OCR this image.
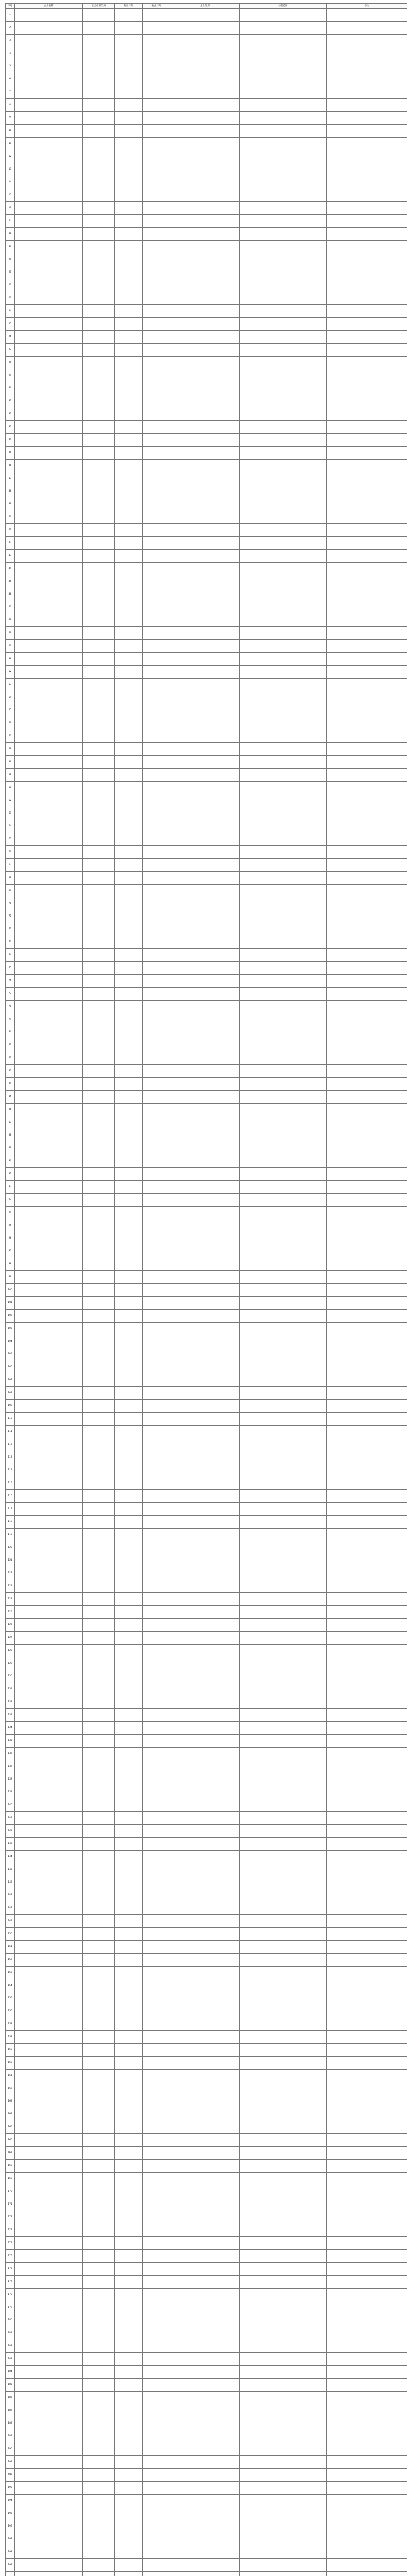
序号	企业名称	社会信用代码	起始日期	截止日期	企业住所	经营范围	备注
1							
2							
3							
4							
5							
6							
7							
8							
9							
10							
11							
12							
13							
14							
15							
16							
17							
18							
19							
20							
21							
22							
23							
24							
25							
26							
27							
28							
29							
30							
31							
32							
33							
34							
35							
36							
37							
38							
39							
40							
41							
42							
43							
44							
45							
46							
47							
48							
49							
50							
51							
52							
53							
54							
55							
56							
57							
58							
59							
60							
61							
62							
63							
64							
65							
66							
67							
68							
69							
70							
71							
72							
73							
74							
75							
76							
77							
78							
79							
80							
81							
82							
83							
84							
85							
86							
87							
88							
89							
90							
91							
92							
93							
94							
95							
96							
97							
98							
99							
100							
101							
102							
103							
104							
105							
106							
107							
108							
109							
110							
111							
112							
113							
114							
115							
116							
117							
118							
119							
120							
121							
122							
123							
124							
125							
126							
127							
128							
129							
130							
131							
132							
133							
134							
135							
136							
137							
138							
139							
140							
141							
142							
143							
144							
145							
146							
147							
148							
149							
150							
151							
152							
153							
154							
155							
156							
157							
158							
159							
160							
161							
162							
163							
164							
165							
166							
167							
168							
169							
170							
171							
172							
173							
174							
175							
176							
177							
178							
179							
180							
181							
182							
183							
184							
185							
186							
187							
188							
189							
190							
191							
192							
193							
194							
195							
196							
197							
198							
199							
